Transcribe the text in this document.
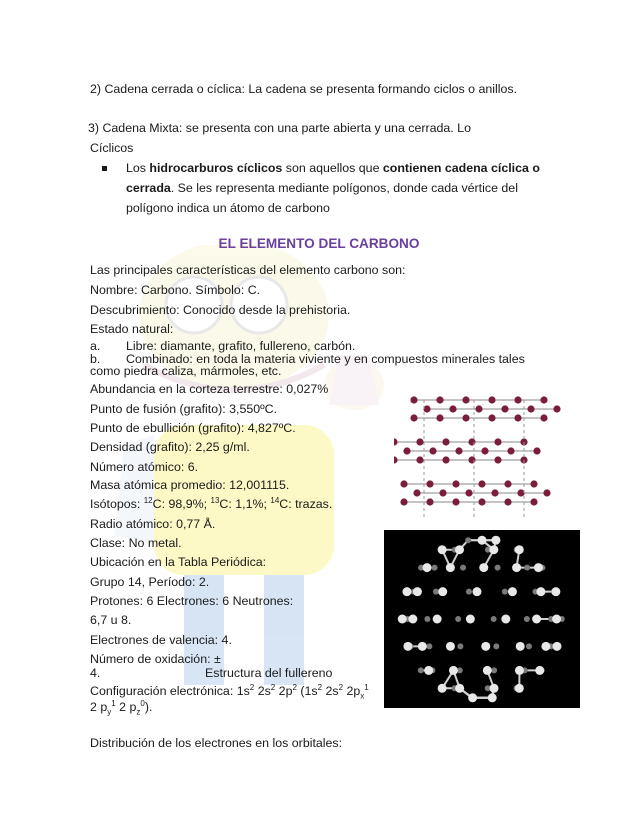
2) Cadena cerrada o cíclica: La cadena se presenta formando ciclos o anillos.
3) Cadena Mixta: se presenta con una parte abierta y una cerrada. Lo
Cíclicos
Los hidrocarburos cíclicos son aquellos que contienen cadena cíclica o
cerrada. Se les representa mediante polígonos, donde cada vértice del
polígono indica un átomo de carbono
EL ELEMENTO DEL CARBONO
Las principales características del elemento carbono son:
Nombre: Carbono. Símbolo: C.
Descubrimiento: Conocido desde la prehistoria.
Estado natural:
a. Libre: diamante, grafito, fullereno, carbón.
b. Combinado: en toda la materia viviente y en compuestos minerales tales
como piedra caliza, mármoles, etc.
Abundancia en la corteza terrestre: 0,027%
Punto de fusión (grafito): 3,550ºC.
Punto de ebullición (grafito): 4,827ºC.
Densidad (grafito): 2,25 g/ml.
Número atómico: 6.
Masa atómica promedio: 12,001115.
Isótopos: $^{12}$C: 98,9%; $^{13}$C: 1,1%; $^{14}$C: trazas.
Radio atómico: 0,77 Å.
Clase: No metal.
Ubicación en la Tabla Periódica:
Grupo 14, Período: 2.
Protones: 6 Electrones: 6 Neutrones:
6,7 u 8.
Electrones de valencia: 4.
Número de oxidación: ±
4.	Estructura del fullereno
Configuración electrónica: $1s^2$ $2s^2$ $2p^2$ ($1s^2$ $2s^2$ $2p_x^1$
2 $p_y^1$ 2 $p_z^0$).
Distribución de los electrones en los orbitales:
